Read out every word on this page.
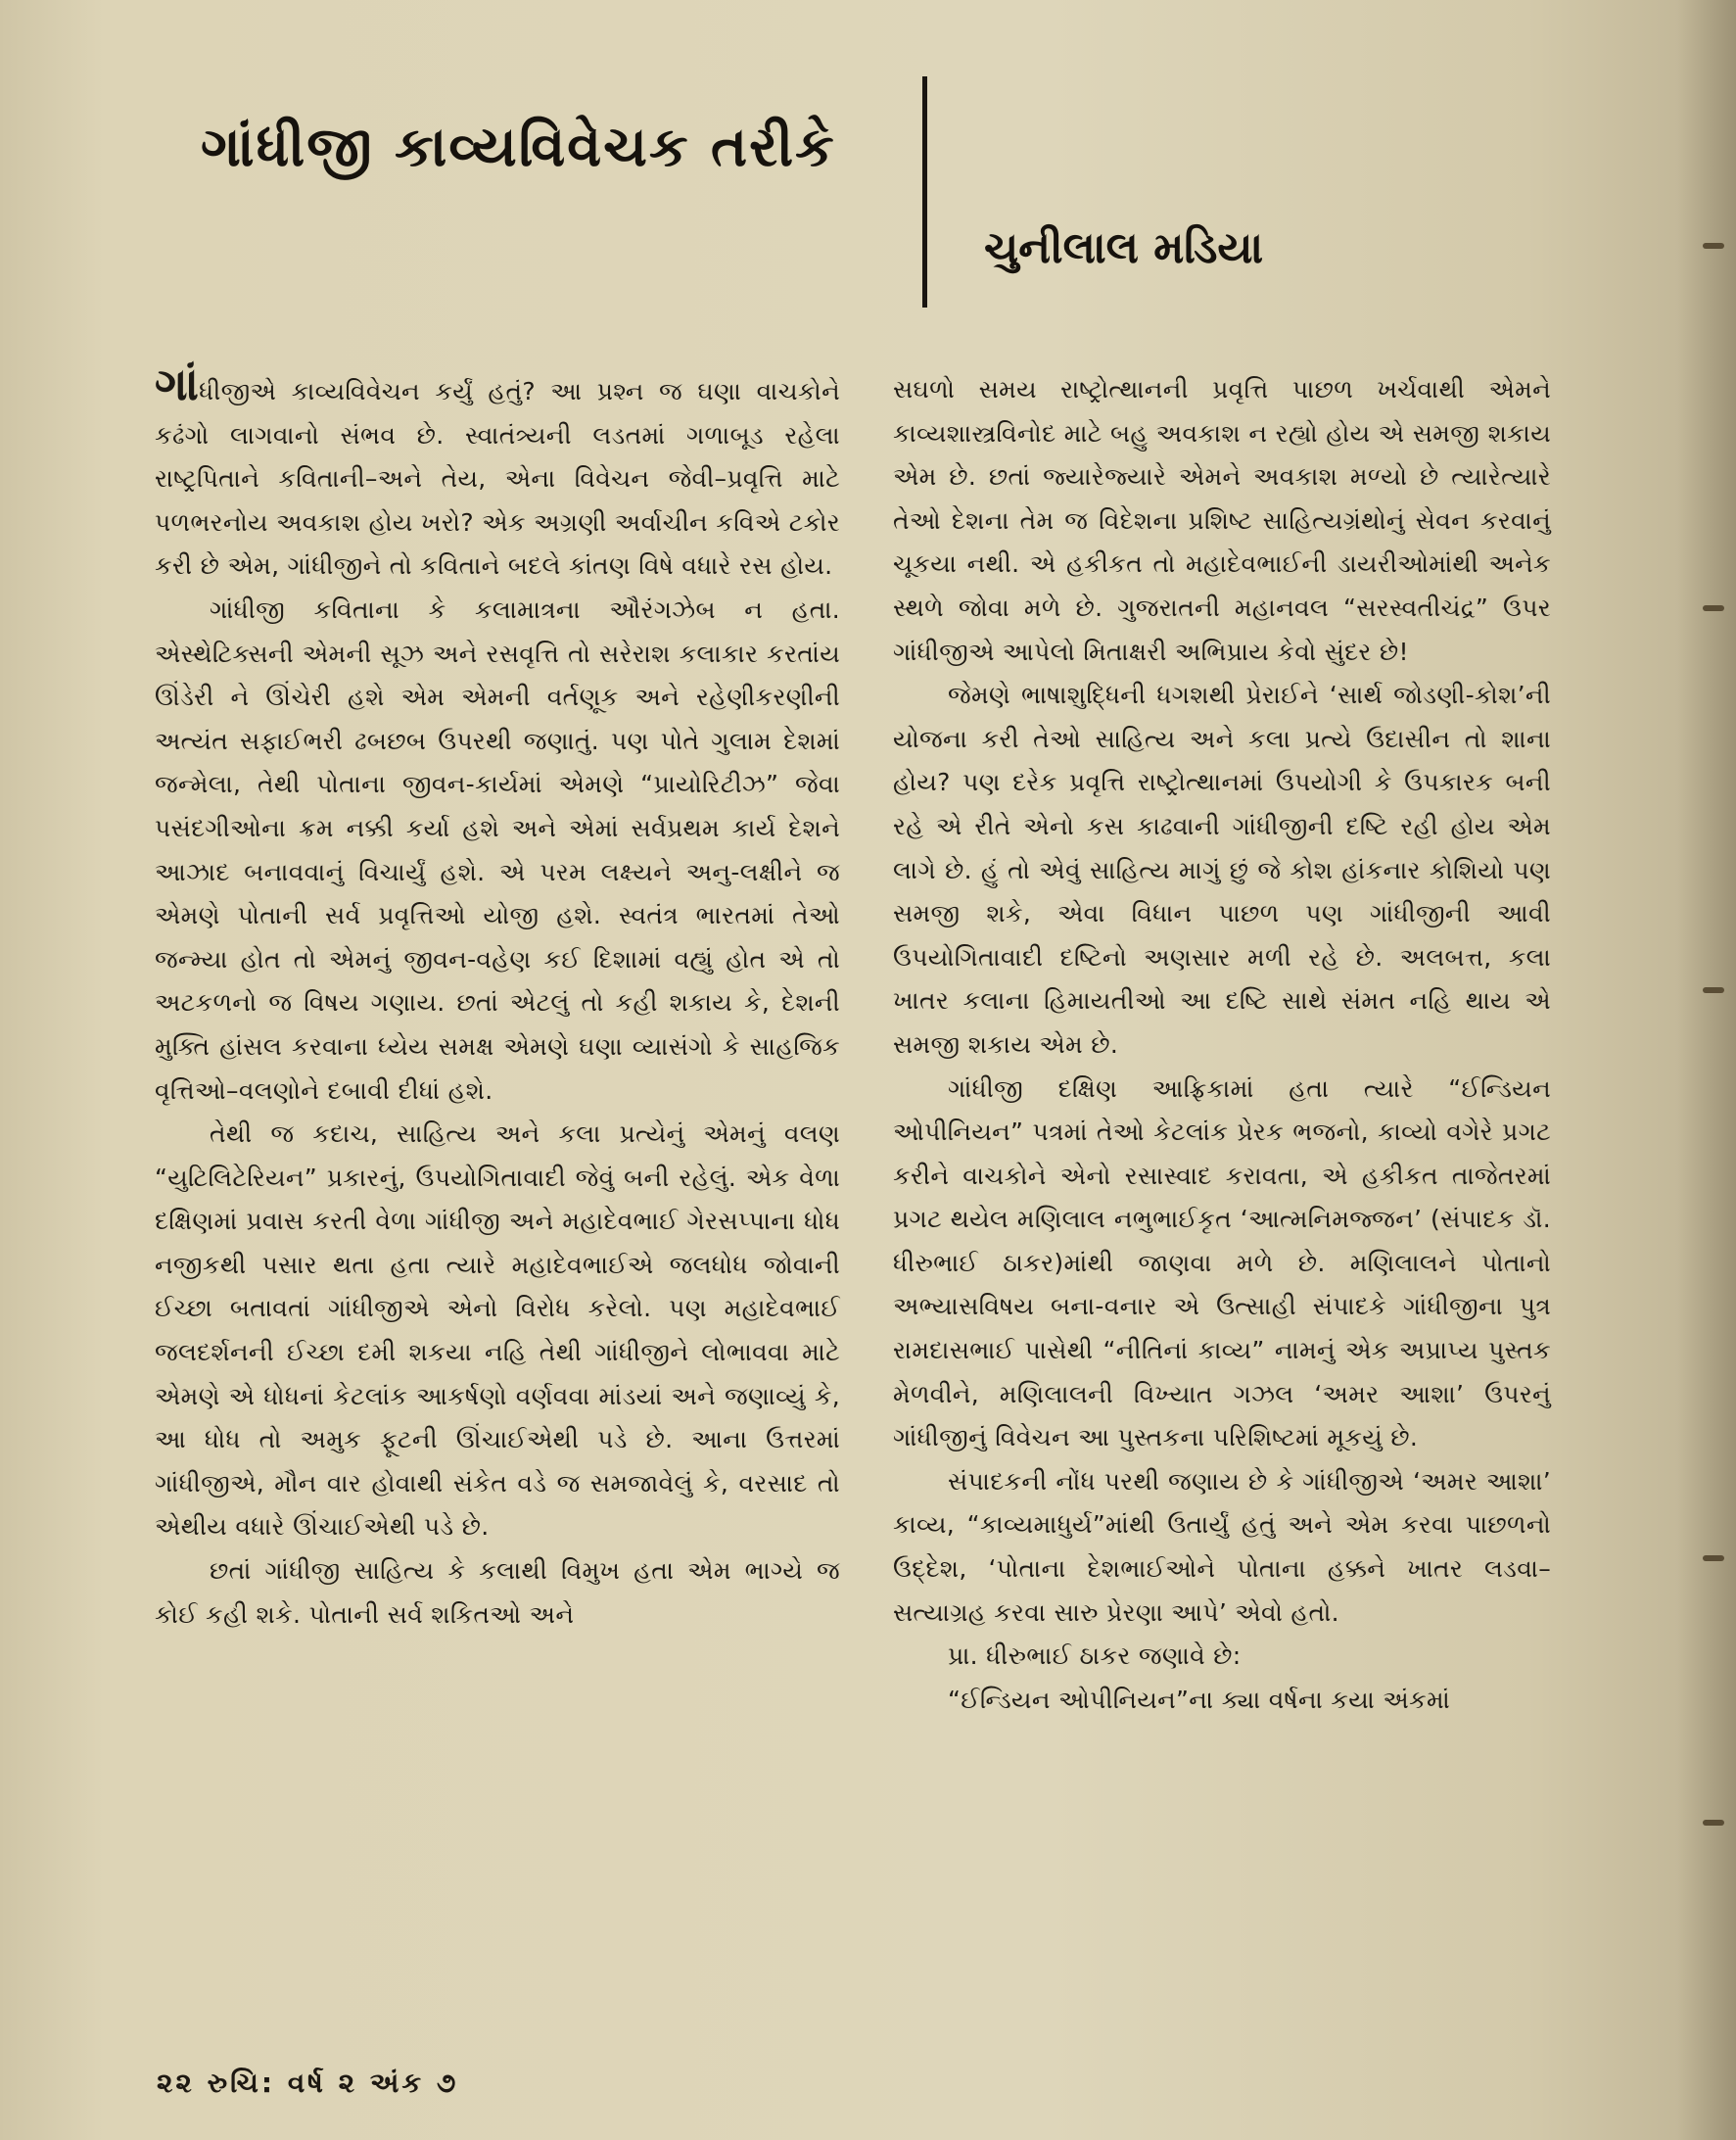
ગાંધીજી કાવ્યવિવેચક તરીકે
ચુનીલાલ મડિયા

ગાંધીજીએ કાવ્યવિવેચન કર્યું હતું? આ પ્રશ્ન જ ઘણા વાચકોને કઢંગો લાગવાનો સંભવ છે. સ્વાતંત્ર્યની લડતમાં ગળાબૂડ રહેલા રાષ્ટ્રપિતાને કવિતાની–અને તેય, એના વિવેચન જેવી–પ્રવૃત્તિ માટે પળભરનોય અવકાશ હોય ખરો? એક અગ્રણી અર્વાચીન કવિએ ટકોર કરી છે એમ, ગાંધીજીને તો કવિતાને બદલે કાંતણ વિષે વધારે રસ હોય.

ગાંધીજી કવિતાના કે કલામાત્રના ઔરંગઝેબ ન હતા. એસ્થેટિક્સની એમની સૂઝ અને રસવૃત્તિ તો સરેરાશ કલાકાર કરતાંય ઊંડેરી ને ઊંચેરી હશે એમ એમની વર્તણૂક અને રહેણીકરણીની અત્યંત સફાઈભરી ઢબછબ ઉપરથી જણાતું. પણ પોતે ગુલામ દેશમાં જન્મેલા, તેથી પોતાના જીવન-કાર્યમાં એમણે “પ્રાયોરિટીઝ” જેવા પસંદગીઓના ક્રમ નક્કી કર્યા હશે અને એમાં સર્વપ્રથમ કાર્ય દેશને આઝાદ બનાવવાનું વિચાર્યું હશે. એ પરમ લક્ષ્યને અનુ-લક્ષીને જ એમણે પોતાની સર્વ પ્રવૃત્તિઓ યોજી હશે. સ્વતંત્ર ભારતમાં તેઓ જન્મ્યા હોત તો એમનું જીવન-વહેણ કઈ દિશામાં વહ્યું હોત એ તો અટકળનો જ વિષય ગણાય. છતાં એટલું તો કહી શકાય કે, દેશની મુક્તિ હાંસલ કરવાના ધ્યેય સમક્ષ એમણે ઘણા વ્યાસંગો કે સાહજિક વૃત્તિઓ–વલણોને દબાવી દીધાં હશે.

તેથી જ કદાચ, સાહિત્ય અને કલા પ્રત્યેનું એમનું વલણ “યુટિલિટેરિયન” પ્રકારનું, ઉપયોગિતાવાદી જેવું બની રહેલું. એક વેળા દક્ષિણમાં પ્રવાસ કરતી વેળા ગાંધીજી અને મહાદેવભાઈ ગેરસપ્પાના ધોધ નજીકથી પસાર થતા હતા ત્યારે મહાદેવભાઈએ જલધોધ જોવાની ઈચ્છા બતાવતાં ગાંધીજીએ એનો વિરોધ કરેલો. પણ મહાદેવભાઈ જલદર્શનની ઈચ્છા દમી શકયા નહિ તેથી ગાંધીજીને લોભાવવા માટે એમણે એ ધોધનાં કેટલાંક આકર્ષણો વર્ણવવા માંડયાં અને જણાવ્યું કે, આ ધોધ તો અમુક ફૂટની ઊંચાઈએથી પડે છે. આના ઉત્તરમાં ગાંધીજીએ, મૌન વાર હોવાથી સંકેત વડે જ સમજાવેલું કે, વરસાદ તો એથીય વધારે ઊંચાઈએથી પડે છે.

છતાં ગાંધીજી સાહિત્ય કે કલાથી વિમુખ હતા એમ ભાગ્યે જ કોઈ કહી શકે. પોતાની સર્વ શકિતઓ અને

સઘળો સમય રાષ્ટ્રોત્થાનની પ્રવૃત્તિ પાછળ ખર્ચવાથી એમને કાવ્યશાસ્ત્રવિનોદ માટે બહુ અવકાશ ન રહ્યો હોય એ સમજી શકાય એમ છે. છતાં જ્યારેજ્યારે એમને અવકાશ મળ્યો છે ત્યારેત્યારે તેઓ દેશના તેમ જ વિદેશના પ્રશિષ્ટ સાહિત્યગ્રંથોનું સેવન કરવાનું ચૂકયા નથી. એ હકીકત તો મહાદેવભાઈની ડાયરીઓમાંથી અનેક સ્થળે જોવા મળે છે. ગુજરાતની મહાનવલ “સરસ્વતીચંદ્ર” ઉપર ગાંધીજીએ આપેલો મિતાક્ષરી અભિપ્રાય કેવો સુંદર છે!

જેમણે ભાષાશુદ્ધિની ધગશથી પ્રેરાઈને ‘સાર્થ જોડણી-કોશ’ની યોજના કરી તેઓ સાહિત્ય અને કલા પ્રત્યે ઉદાસીન તો શાના હોય? પણ દરેક પ્રવૃત્તિ રાષ્ટ્રોત્થાનમાં ઉપયોગી કે ઉપકારક બની રહે એ રીતે એનો કસ કાઢવાની ગાંધીજીની દષ્ટિ રહી હોય એમ લાગે છે. હું તો એવું સાહિત્ય માગું છું જે કોશ હાંકનાર કોશિયો પણ સમજી શકે, એવા વિધાન પાછળ પણ ગાંધીજીની આવી ઉપયોગિતાવાદી દષ્ટિનો અણસાર મળી રહે છે. અલબત્ત, કલા ખાતર કલાના હિમાયતીઓ આ દષ્ટિ સાથે સંમત નહિ થાય એ સમજી શકાય એમ છે.

ગાંધીજી દક્ષિણ આફ્રિકામાં હતા ત્યારે “ઈન્ડિયન ઓપીનિયન” પત્રમાં તેઓ કેટલાંક પ્રેરક ભજનો, કાવ્યો વગેરે પ્રગટ કરીને વાચકોને એનો રસાસ્વાદ કરાવતા, એ હકીકત તાજેતરમાં પ્રગટ થયેલ મણિલાલ નભુભાઈકૃત ‘આત્મનિમજ્જન’ (સંપાદક ડૉ. ધીરુભાઈ ઠાકર)માંથી જાણવા મળે છે. મણિલાલને પોતાનો અભ્યાસવિષય બના-વનાર એ ઉત્સાહી સંપાદકે ગાંધીજીના પુત્ર રામદાસભાઈ પાસેથી “નીતિનાં કાવ્ય” નામનું એક અપ્રાપ્ય પુસ્તક મેળવીને, મણિલાલની વિખ્યાત ગઝલ ‘અમર આશા’ ઉપરનું ગાંધીજીનું વિવેચન આ પુસ્તકના પરિશિષ્ટમાં મૂકયું છે.

સંપાદકની નોંધ પરથી જણાય છે કે ગાંધીજીએ ‘અમર આશા’ કાવ્ય, “કાવ્યમાધુર્ય”માંથી ઉતાર્યું હતું અને એમ કરવા પાછળનો ઉદ્દેશ, ‘પોતાના દેશભાઈઓને પોતાના હક્કને ખાતર લડવા–સત્યાગ્રહ કરવા સારુ પ્રેરણા આપે’ એવો હતો.

પ્રા. ધીરુભાઈ ઠાકર જણાવે છે:

“ઈન્ડિયન ઓપીનિયન”ના ક્યા વર્ષના કયા અંકમાં

૨૨ રુચિ: વર્ષ ૨ અંક ૭
